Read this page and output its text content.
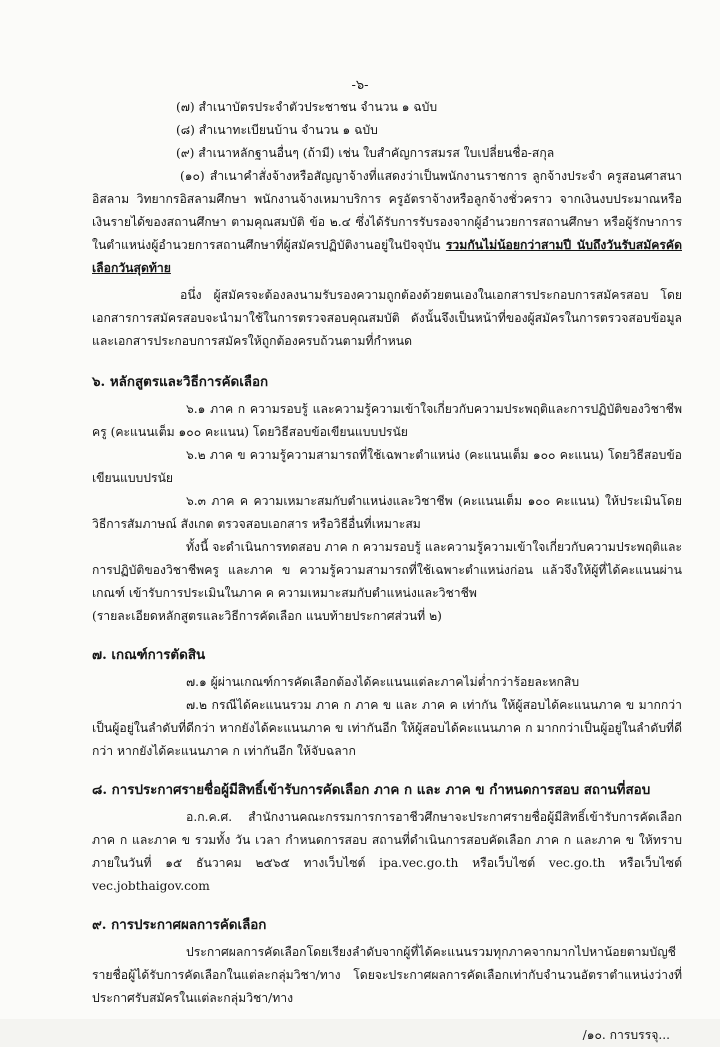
-๖-

(๗) สำเนาบัตรประจำตัวประชาชน จำนวน ๑ ฉบับ

(๘) สำเนาทะเบียนบ้าน จำนวน ๑ ฉบับ

(๙) สำเนาหลักฐานอื่นๆ (ถ้ามี) เช่น ใบสำคัญการสมรส ใบเปลี่ยนชื่อ-สกุล

(๑๐) สำเนาคำสั่งจ้างหรือสัญญาจ้างที่แสดงว่าเป็นพนักงานราชการ ลูกจ้างประจำ ครูสอนศาสนาอิสลาม วิทยากรอิสลามศึกษา พนักงานจ้างเหมาบริการ ครูอัตราจ้างหรือลูกจ้างชั่วคราว จากเงินงบประมาณหรือเงินรายได้ของสถานศึกษา ตามคุณสมบัติ ข้อ ๒.๔ ซึ่งได้รับการรับรองจากผู้อำนวยการสถานศึกษา หรือผู้รักษาการในตำแหน่งผู้อำนวยการสถานศึกษาที่ผู้สมัครปฏิบัติงานอยู่ในปัจจุบัน รวมกันไม่น้อยกว่าสามปี นับถึงวันรับสมัครคัดเลือกวันสุดท้าย

อนึ่ง ผู้สมัครจะต้องลงนามรับรองความถูกต้องด้วยตนเองในเอกสารประกอบการสมัครสอบ โดยเอกสารการสมัครสอบจะนำมาใช้ในการตรวจสอบคุณสมบัติ ดังนั้นจึงเป็นหน้าที่ของผู้สมัครในการตรวจสอบข้อมูล และเอกสารประกอบการสมัครให้ถูกต้องครบถ้วนตามที่กำหนด

๖. หลักสูตรและวิธีการคัดเลือก

๖.๑ ภาค ก ความรอบรู้ และความรู้ความเข้าใจเกี่ยวกับความประพฤติและการปฏิบัติของวิชาชีพครู (คะแนนเต็ม ๑๐๐ คะแนน) โดยวิธีสอบข้อเขียนแบบปรนัย

๖.๒ ภาค ข ความรู้ความสามารถที่ใช้เฉพาะตำแหน่ง (คะแนนเต็ม ๑๐๐ คะแนน) โดยวิธีสอบข้อเขียนแบบปรนัย

๖.๓ ภาค ค ความเหมาะสมกับตำแหน่งและวิชาชีพ (คะแนนเต็ม ๑๐๐ คะแนน) ให้ประเมินโดยวิธีการสัมภาษณ์ สังเกต ตรวจสอบเอกสาร หรือวิธีอื่นที่เหมาะสม

ทั้งนี้ จะดำเนินการทดสอบ ภาค ก ความรอบรู้ และความรู้ความเข้าใจเกี่ยวกับความประพฤติและการปฏิบัติของวิชาชีพครู และภาค ข ความรู้ความสามารถที่ใช้เฉพาะตำแหน่งก่อน แล้วจึงให้ผู้ที่ได้คะแนนผ่านเกณฑ์ เข้ารับการประเมินในภาค ค ความเหมาะสมกับตำแหน่งและวิชาชีพ

(รายละเอียดหลักสูตรและวิธีการคัดเลือก แนบท้ายประกาศส่วนที่ ๒)

๗. เกณฑ์การตัดสิน

๗.๑ ผู้ผ่านเกณฑ์การคัดเลือกต้องได้คะแนนแต่ละภาคไม่ต่ำกว่าร้อยละหกสิบ

๗.๒ กรณีได้คะแนนรวม ภาค ก ภาค ข และ ภาค ค เท่ากัน ให้ผู้สอบได้คะแนนภาค ข มากกว่า เป็นผู้อยู่ในลำดับที่ดีกว่า หากยังได้คะแนนภาค ข เท่ากันอีก ให้ผู้สอบได้คะแนนภาค ก มากกว่าเป็นผู้อยู่ในลำดับที่ดีกว่า หากยังได้คะแนนภาค ก เท่ากันอีก ให้จับฉลาก

๘. การประกาศรายชื่อผู้มีสิทธิ์เข้ารับการคัดเลือก ภาค ก และ ภาค ข กำหนดการสอบ สถานที่สอบ

อ.ก.ค.ศ. สำนักงานคณะกรรมการการอาชีวศึกษาจะประกาศรายชื่อผู้มีสิทธิ์เข้ารับการคัดเลือก ภาค ก และภาค ข รวมทั้ง วัน เวลา กำหนดการสอบ สถานที่ดำเนินการสอบคัดเลือก ภาค ก และภาค ข ให้ทราบภายในวันที่ ๑๕ ธันวาคม ๒๕๖๕ ทางเว็บไซต์ ipa.vec.go.th หรือเว็บไซต์ vec.go.th หรือเว็บไซต์ vec.jobthaigov.com

๙. การประกาศผลการคัดเลือก

ประกาศผลการคัดเลือกโดยเรียงลำดับจากผู้ที่ได้คะแนนรวมทุกภาคจากมากไปหาน้อยตามบัญชีรายชื่อผู้ได้รับการคัดเลือกในแต่ละกลุ่มวิชา/ทาง โดยจะประกาศผลการคัดเลือกเท่ากับจำนวนอัตราตำแหน่งว่างที่ประกาศรับสมัครในแต่ละกลุ่มวิชา/ทาง

/๑๐. การบรรจุ...
